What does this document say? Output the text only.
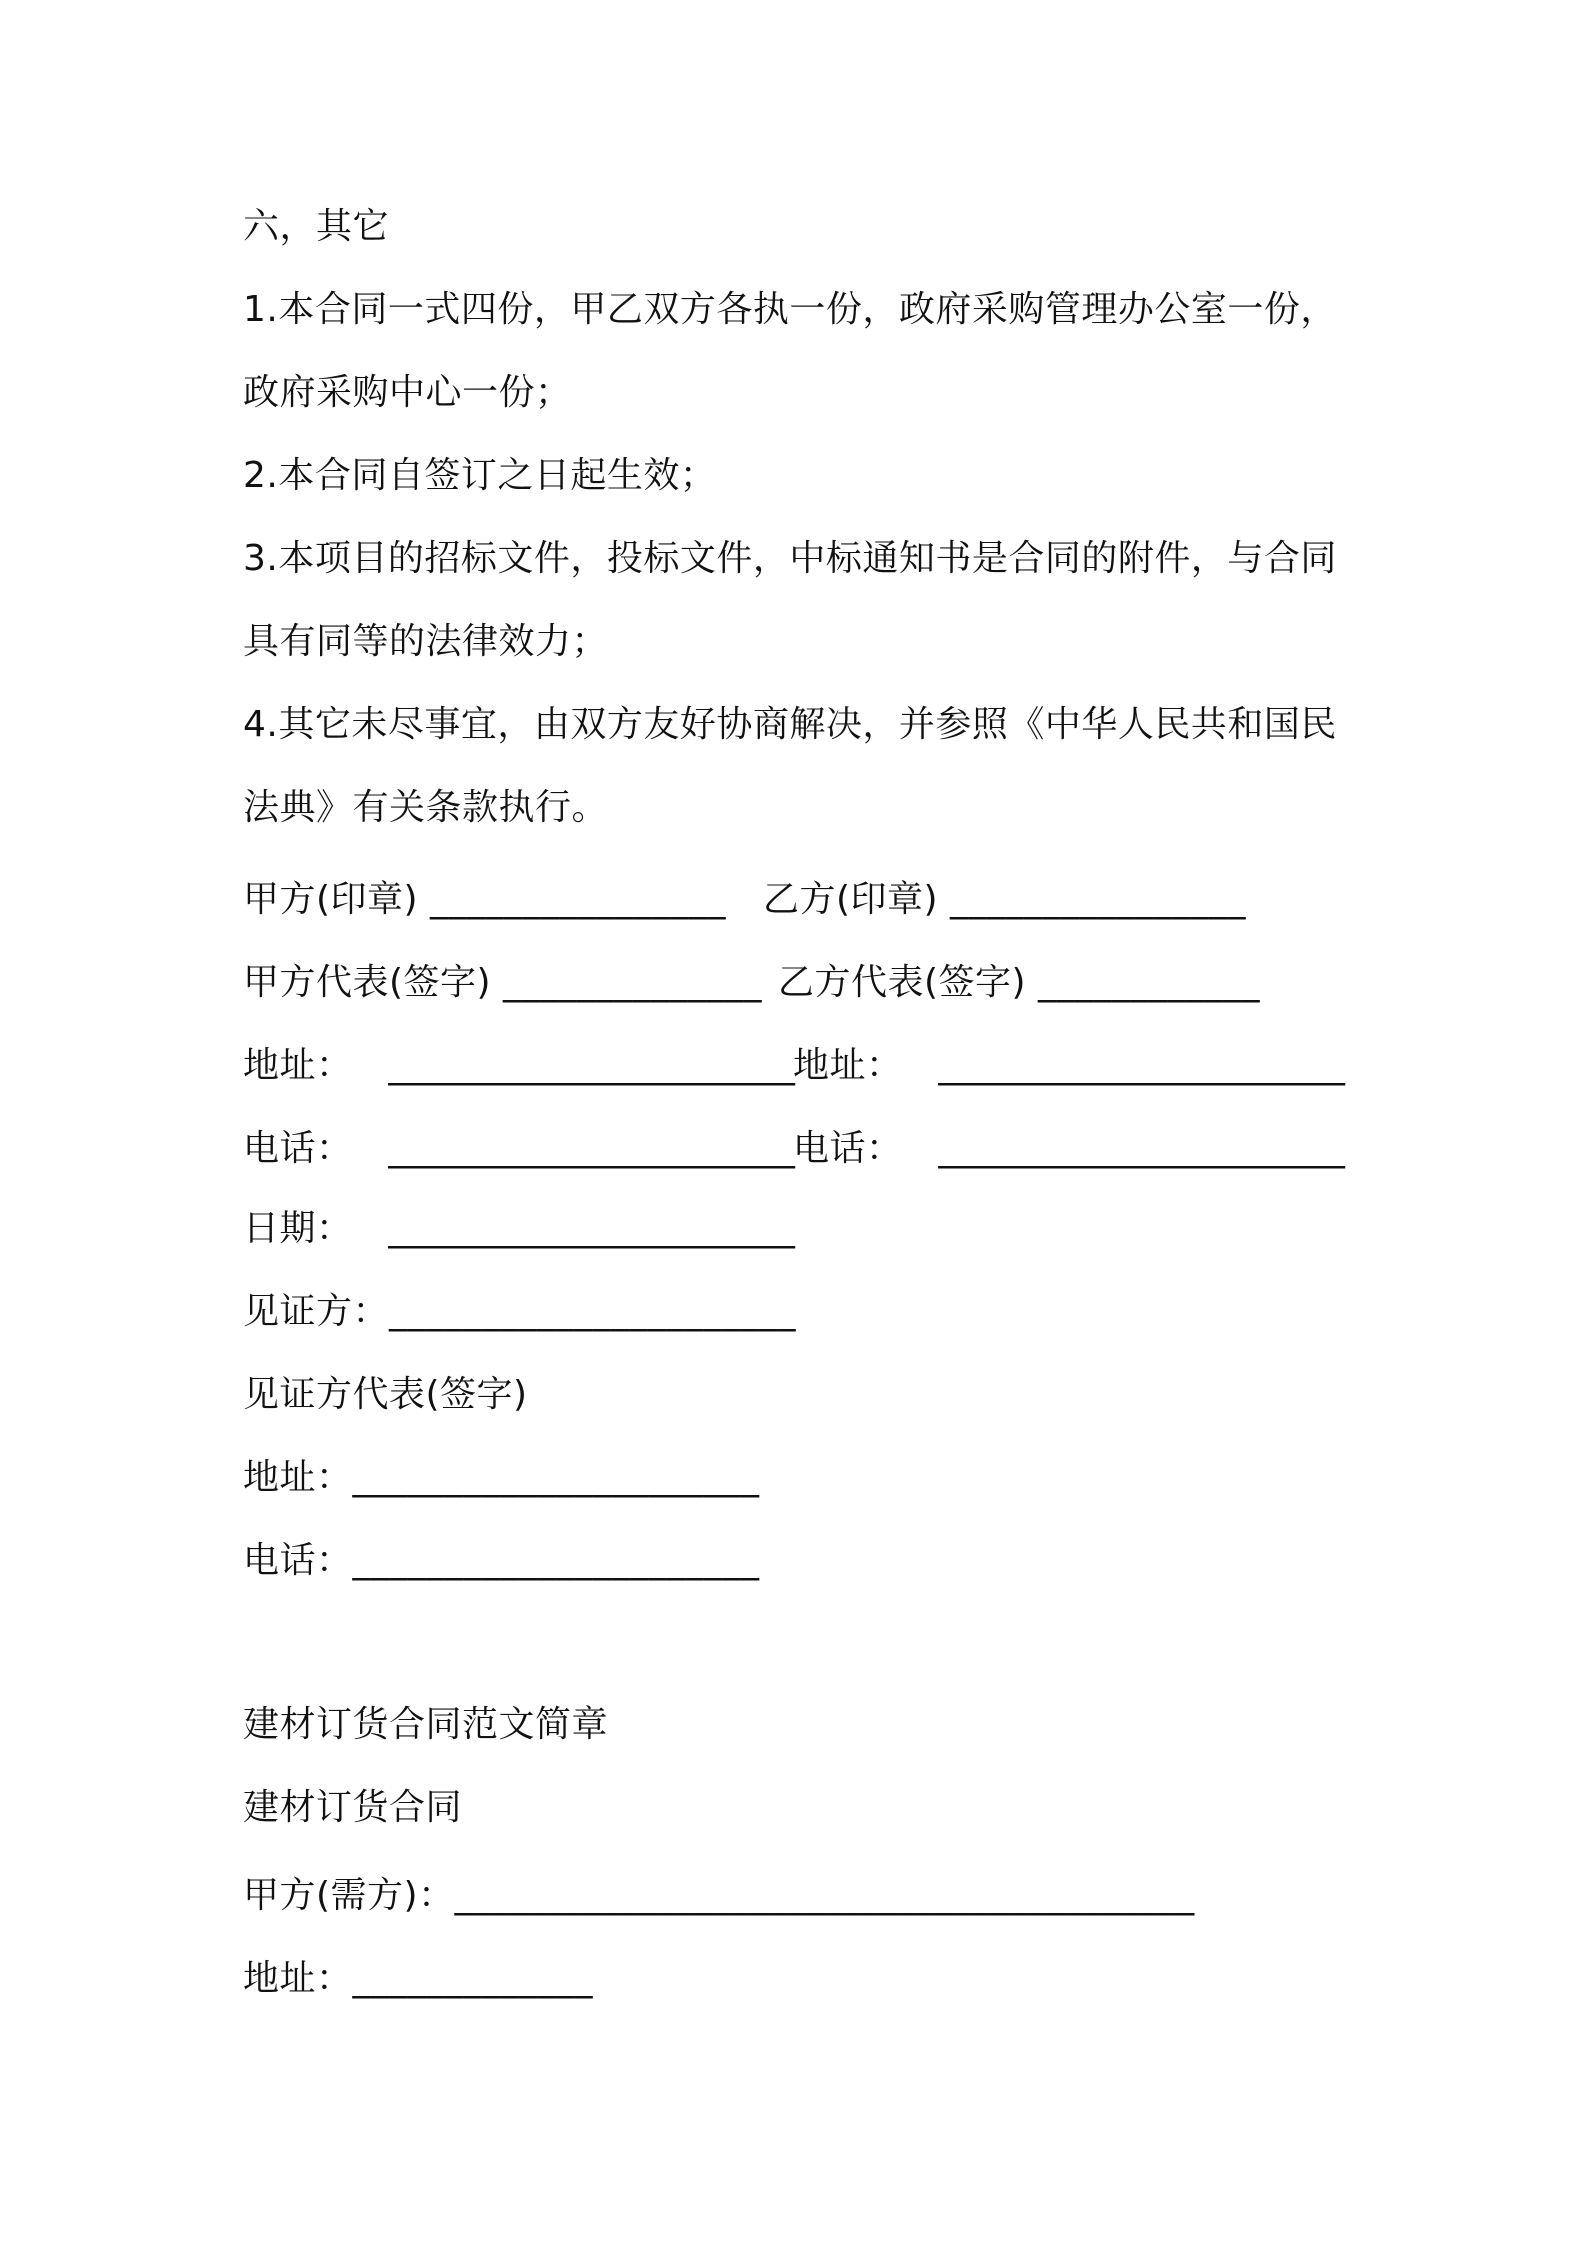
六，其它
1.本合同一式四份，甲乙双方各执一份，政府采购管理办公室一份，
政府采购中心一份；
2.本合同自签订之日起生效；
3.本项目的招标文件，投标文件，中标通知书是合同的附件，与合同
具有同等的法律效力；
4.其它未尽事宜，由双方友好协商解决，并参照《中华人民共和国民
法典》有关条款执行。
甲方(印章) ________________ 乙方(印章) ________________
甲方代表(签字) ______________ 乙方代表(签字) ____________
地址：   ______________________
地址：   ______________________
电话：   ______________________
电话：   ______________________
日期：   ______________________
见证方：______________________
见证方代表(签字)
地址：______________________
电话：______________________
建材订货合同范文简章
建材订货合同
甲方(需方)：________________________________________
地址：_____________
